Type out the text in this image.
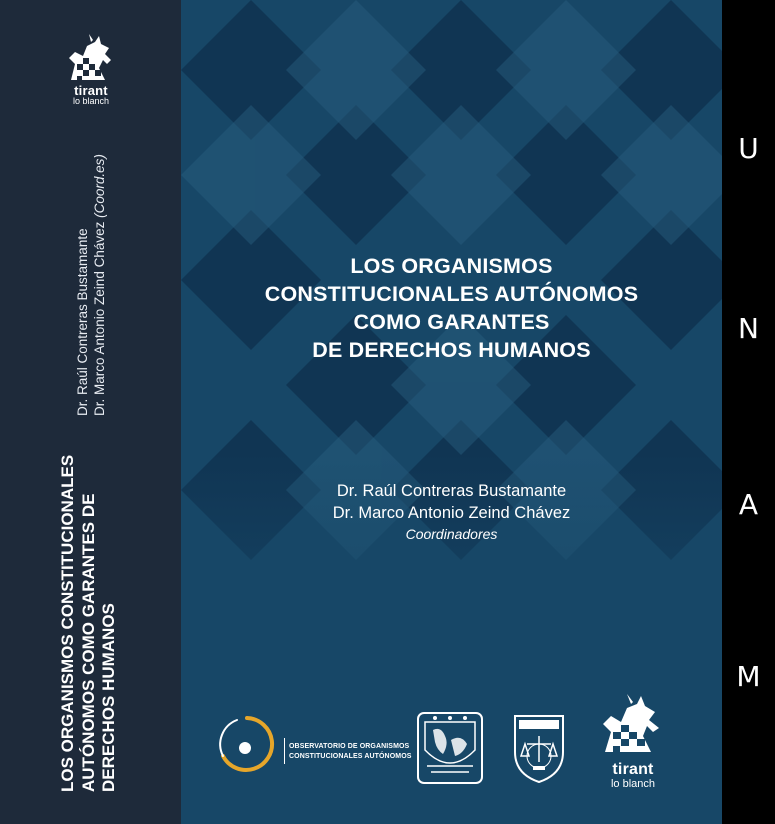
tirant
lo blanch
Dr. Raúl Contreras Bustamante Dr. Marco Antonio Zeind Chávez (Coord.es)
LOS ORGANISMOS CONSTITUCIONALES AUTÓNOMOS COMO GARANTES DE DERECHOS HUMANOS
LOS ORGANISMOS
CONSTITUCIONALES AUTÓNOMOS
COMO GARANTES
DE DERECHOS HUMANOS
Dr. Raúl Contreras Bustamante
Dr. Marco Antonio Zeind Chávez
Coordinadores
OBSERVATORIO DE ORGANISMOS
CONSTITUCIONALES AUTÓNOMOS
tirant
lo blanch
U
N
A
M
